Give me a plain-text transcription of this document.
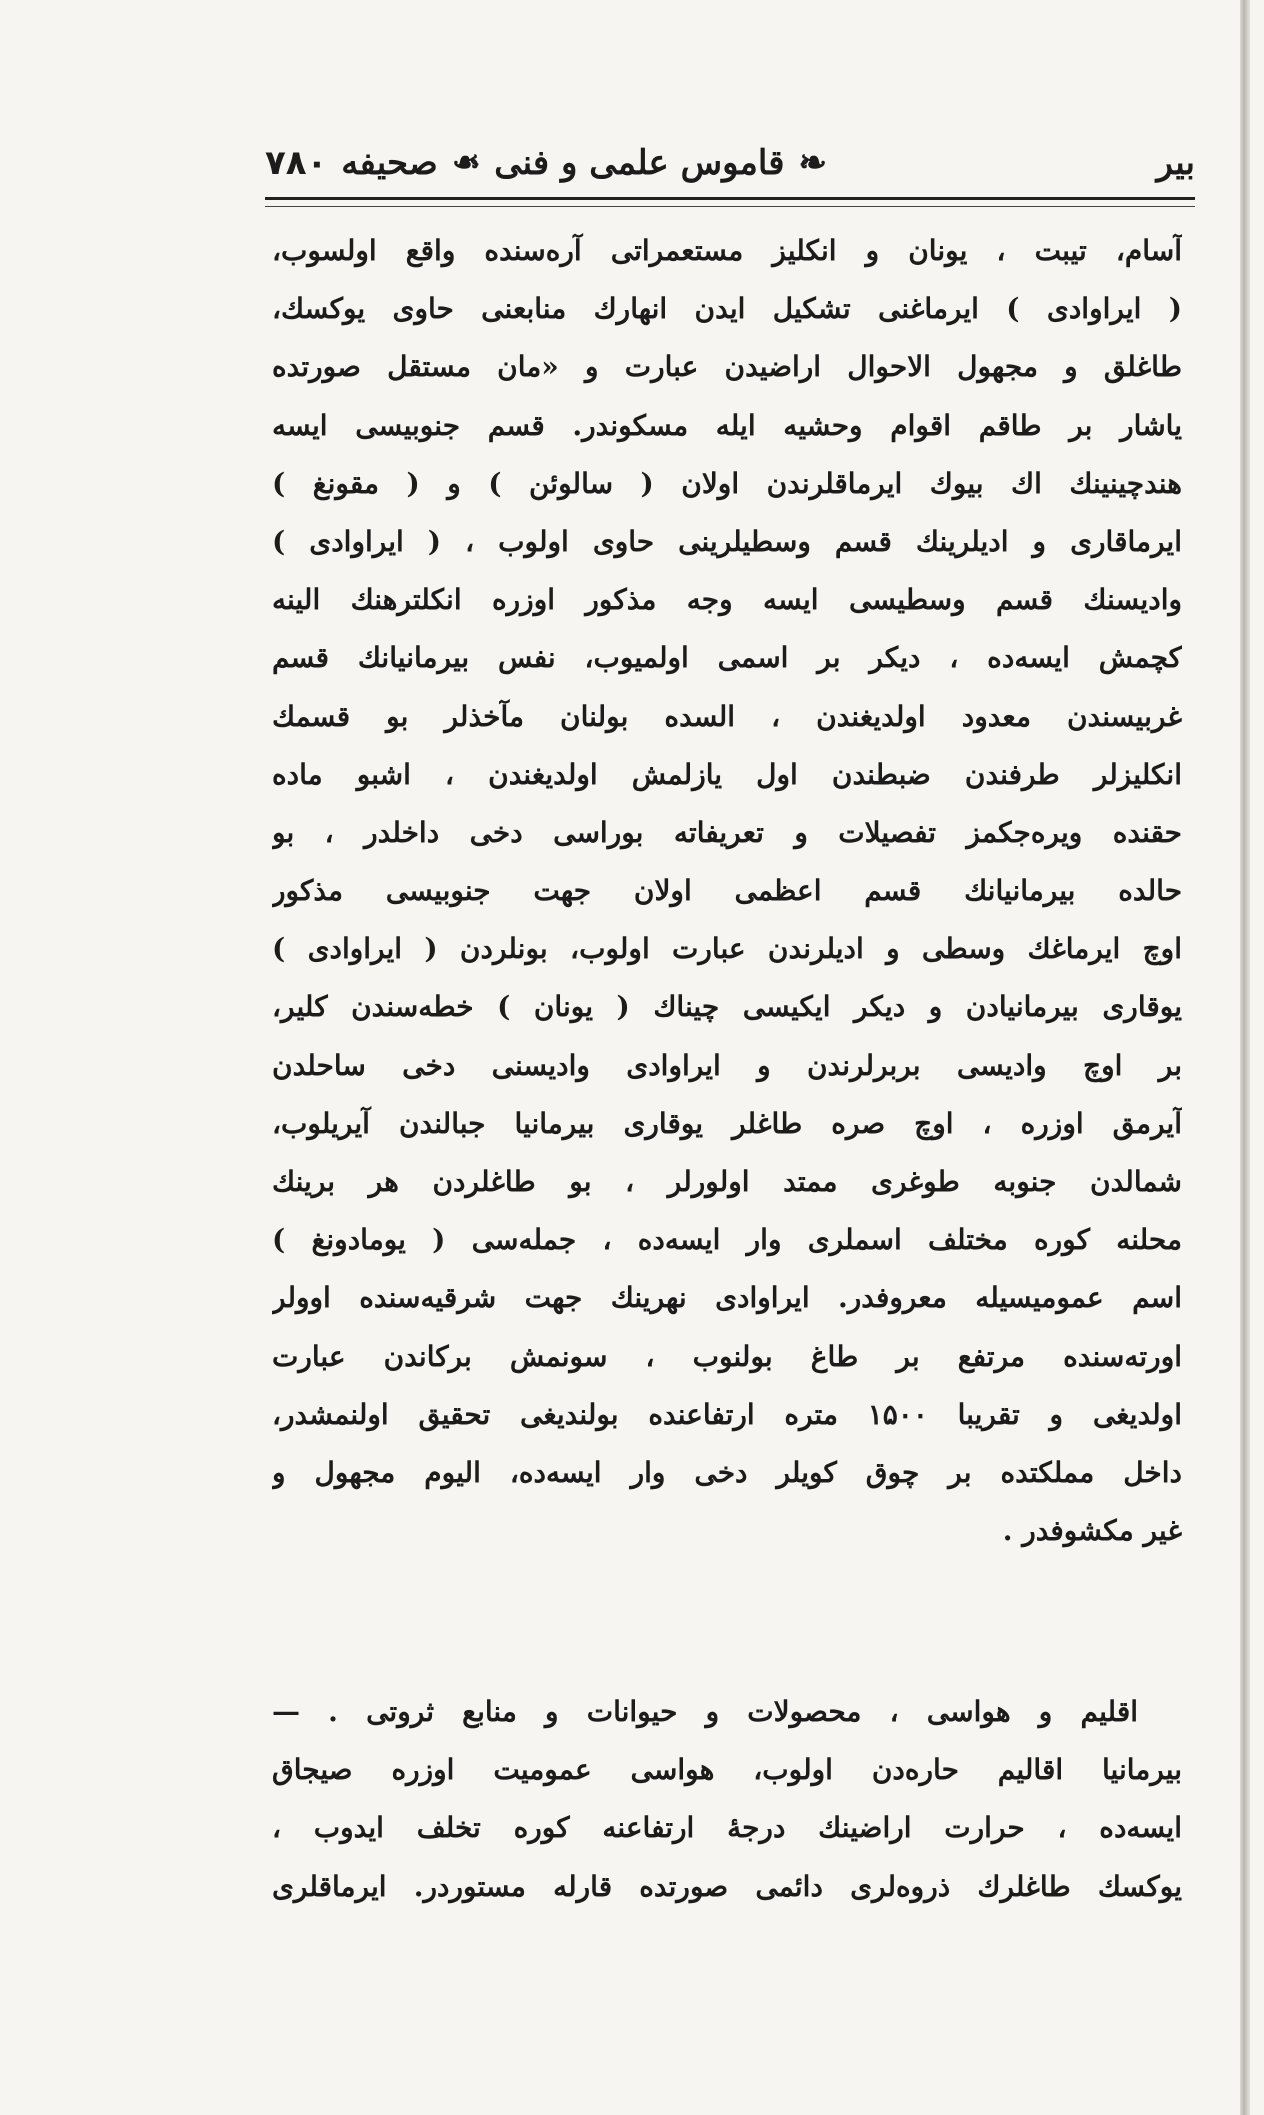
بیر
❧
قاموس علمی و فنی
❧
صحیفه
۷۸۰
آسام، تیبت ، یونان و انکلیز مستعمراتی آره‌سنده واقع اولسوب،
( ایراوادی ) ایرماغنی تشکیل ایدن انهارك منابعنی حاوی یوکسك،
طاغلق و مجهول الاحوال اراضیدن عبارت و «مان مستقل صورتده
یاشار بر طاقم اقوام وحشیه ایله مسکوندر. قسم جنوبیسی ایسه
هندچینینك اك بیوك ایرماقلرندن اولان ( سالوئن ) و ( مقونغ )
ایرماقاری و ادیلرینك قسم وسطیلرینی حاوی اولوب ، ( ایراوادی )
وادیسنك قسم وسطیسی ایسه وجه مذکور اوزره انکلترهنك الینه
کچمش ایسه‌ده ، دیکر بر اسمی اولمیوب، نفس بیرمانیانك قسم
غربیسندن معدود اولدیغندن ، السده بولنان مآخذلر بو قسمك
انکلیزلر طرفندن ضبطندن اول یازلمش اولدیغندن ، اشبو ماده
حقنده ویره‌جکمز تفصیلات و تعریفاته بوراسی دخی داخلدر ، بو
حالده بیرمانیانك قسم اعظمی اولان جهت جنوبیسی مذکور
اوچ ایرماغك وسطی و ادیلرندن عبارت اولوب، بونلردن ( ایراوادی )
یوقاری بیرمانیادن و دیکر ایکیسی چیناك ( یونان ) خطه‌سندن کلیر،
بر اوچ وادیسی بربرلرندن و ایراوادی وادیسنی دخی ساحلدن
آیرمق اوزره ، اوچ صره طاغلر یوقاری بیرمانیا جبالندن آیریلوب،
شمالدن جنوبه طوغری ممتد اولورلر ، بو طاغلردن هر برینك
محلنه کوره مختلف اسملری وار ایسه‌ده ، جمله‌سی ( یومادونغ )
اسم عمومیسیله معروفدر. ایراوادی نهرینك جهت شرقیه‌سنده اوولر
اورته‌سنده مرتفع بر طاغ بولنوب ، سونمش برکاندن عبارت
اولدیغی و تقریبا ۱۵۰۰ متره ارتفاعنده بولندیغی تحقیق اولنمشدر،
داخل مملکتده بر چوق کویلر دخی وار ایسه‌ده، الیوم مجهول و
غیر مکشوفدر .
اقلیم و هواسی ، محصولات و حیوانات و منابع ثروتی . —
بیرمانیا اقالیم حاره‌دن اولوب، هواسی عمومیت اوزره صیجاق
ایسه‌ده ، حرارت اراضینك درجهٔ ارتفاعنه کوره تخلف ایدوب ،
یوکسك طاغلرك ذروه‌لری دائمی صورتده قارله مستوردر. ایرماقلری
